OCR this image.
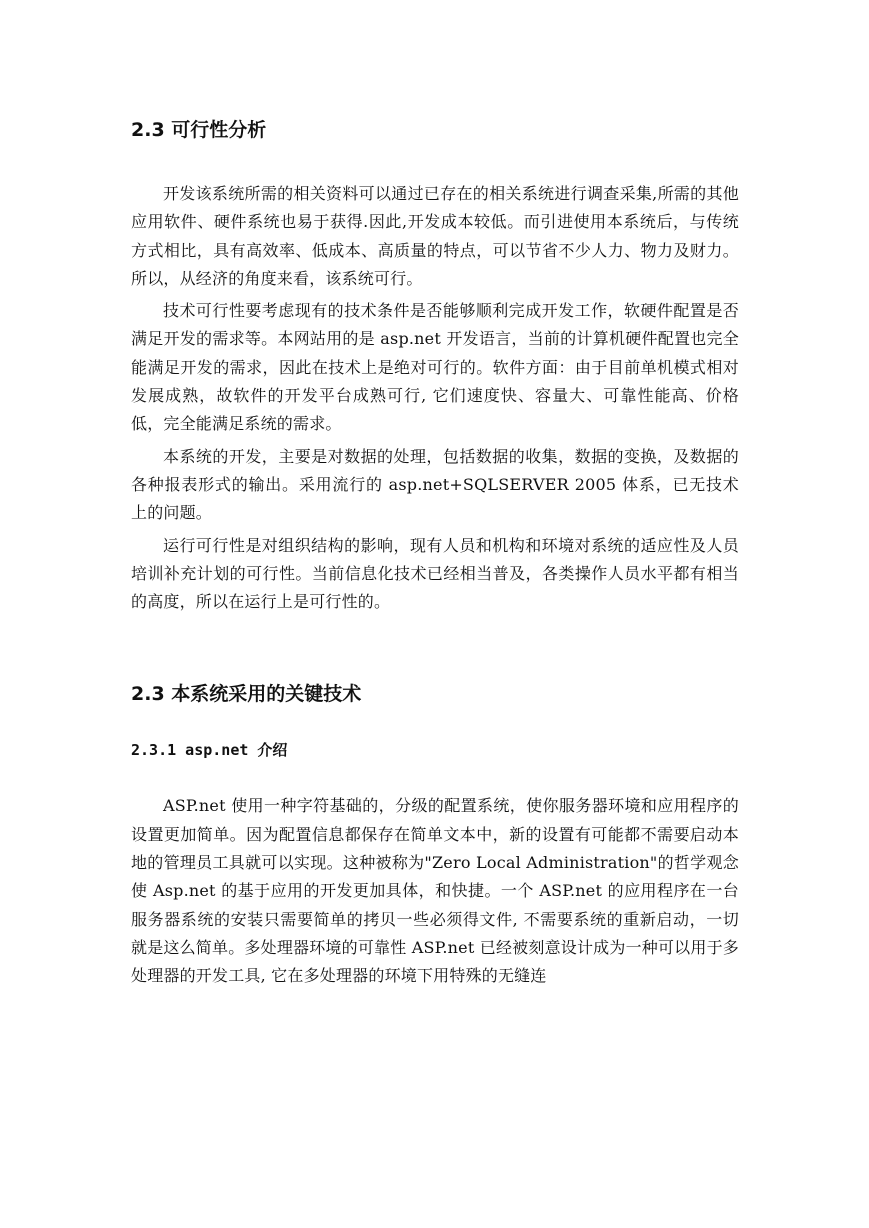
2.3 可行性分析

开发该系统所需的相关资料可以通过已存在的相关系统进行调查采集,所需的其他应用软件、硬件系统也易于获得.因此,开发成本较低。而引进使用本系统后，与传统方式相比，具有高效率、低成本、高质量的特点，可以节省不少人力、物力及财力。所以，从经济的角度来看，该系统可行。

技术可行性要考虑现有的技术条件是否能够顺利完成开发工作，软硬件配置是否满足开发的需求等。本网站用的是 asp.net 开发语言，当前的计算机硬件配置也完全能满足开发的需求，因此在技术上是绝对可行的。软件方面：由于目前单机模式相对发展成熟，故软件的开发平台成熟可行, 它们速度快、容量大、可靠性能高、价格低，完全能满足系统的需求。

本系统的开发，主要是对数据的处理，包括数据的收集，数据的变换，及数据的各种报表形式的输出。采用流行的 asp.net+SQLSERVER 2005 体系，已无技术上的问题。

运行可行性是对组织结构的影响，现有人员和机构和环境对系统的适应性及人员培训补充计划的可行性。当前信息化技术已经相当普及，各类操作人员水平都有相当的高度，所以在运行上是可行性的。

2.3 本系统采用的关键技术
2.3.1 asp.net 介绍

ASP.net 使用一种字符基础的，分级的配置系统，使你服务器环境和应用程序的设置更加简单。因为配置信息都保存在简单文本中，新的设置有可能都不需要启动本地的管理员工具就可以实现。这种被称为"Zero Local Administration"的哲学观念使 Asp.net 的基于应用的开发更加具体，和快捷。一个 ASP.net 的应用程序在一台服务器系统的安装只需要简单的拷贝一些必须得文件, 不需要系统的重新启动，一切就是这么简单。多处理器环境的可靠性 ASP.net 已经被刻意设计成为一种可以用于多处理器的开发工具, 它在多处理器的环境下用特殊的无缝连
